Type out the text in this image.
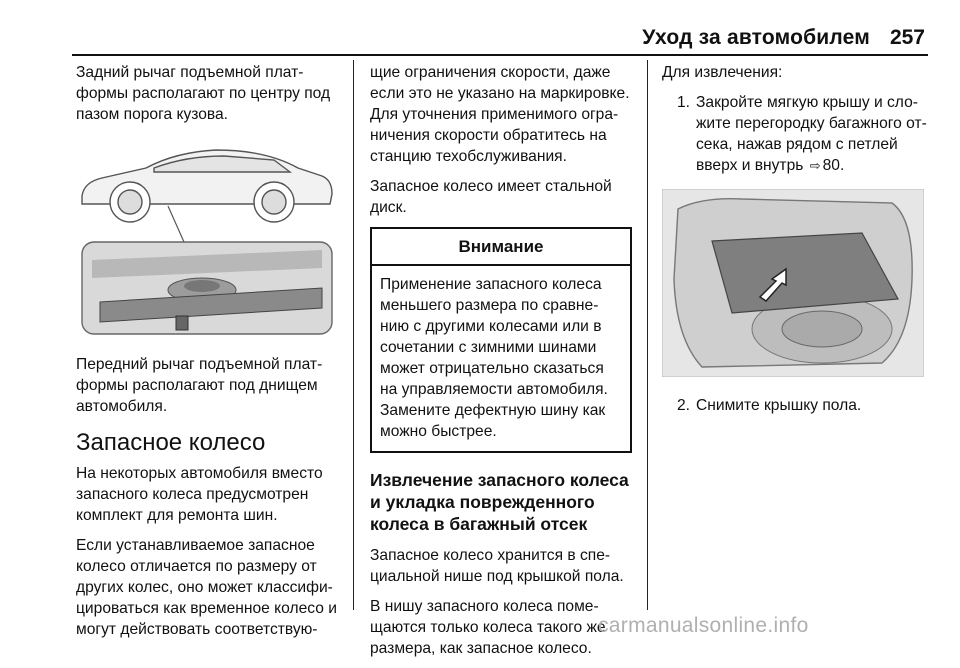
Уход за автомобилем 257

Задний рычаг подъемной платформы располагают по центру под пазом порога кузова.

Передний рычаг подъемной платформы располагают под днищем автомобиля.

Запасное колесо

На некоторых автомобиля вместо запасного колеса предусмотрен комплект для ремонта шин.

Если устанавливаемое запасное колесо отличается по размеру от других колес, оно может классифицироваться как временное колесо и могут действовать соответствую-

щие ограничения скорости, даже если это не указано на маркировке. Для уточнения применимого ограничения скорости обратитесь на станцию техобслуживания.

Запасное колесо имеет стальной диск.

Внимание
Применение запасного колеса меньшего размера по сравнению с другими колесами или в сочетании с зимними шинами может отрицательно сказаться на управляемости автомобиля. Замените дефектную шину как можно быстрее.
Извлечение запасного колеса и укладка поврежденного колеса в багажный отсек

Запасное колесо хранится в специальной нише под крышкой пола.

В нишу запасного колеса помещаются только колеса такого же размера, как запасное колесо.

Для извлечения:

1. Закройте мягкую крышу и сложите перегородку багажного отсека, нажав рядом с петлей вверх и внутрь ⇨ 80.
2. Снимите крышку пола.
carmanualsonline.info
